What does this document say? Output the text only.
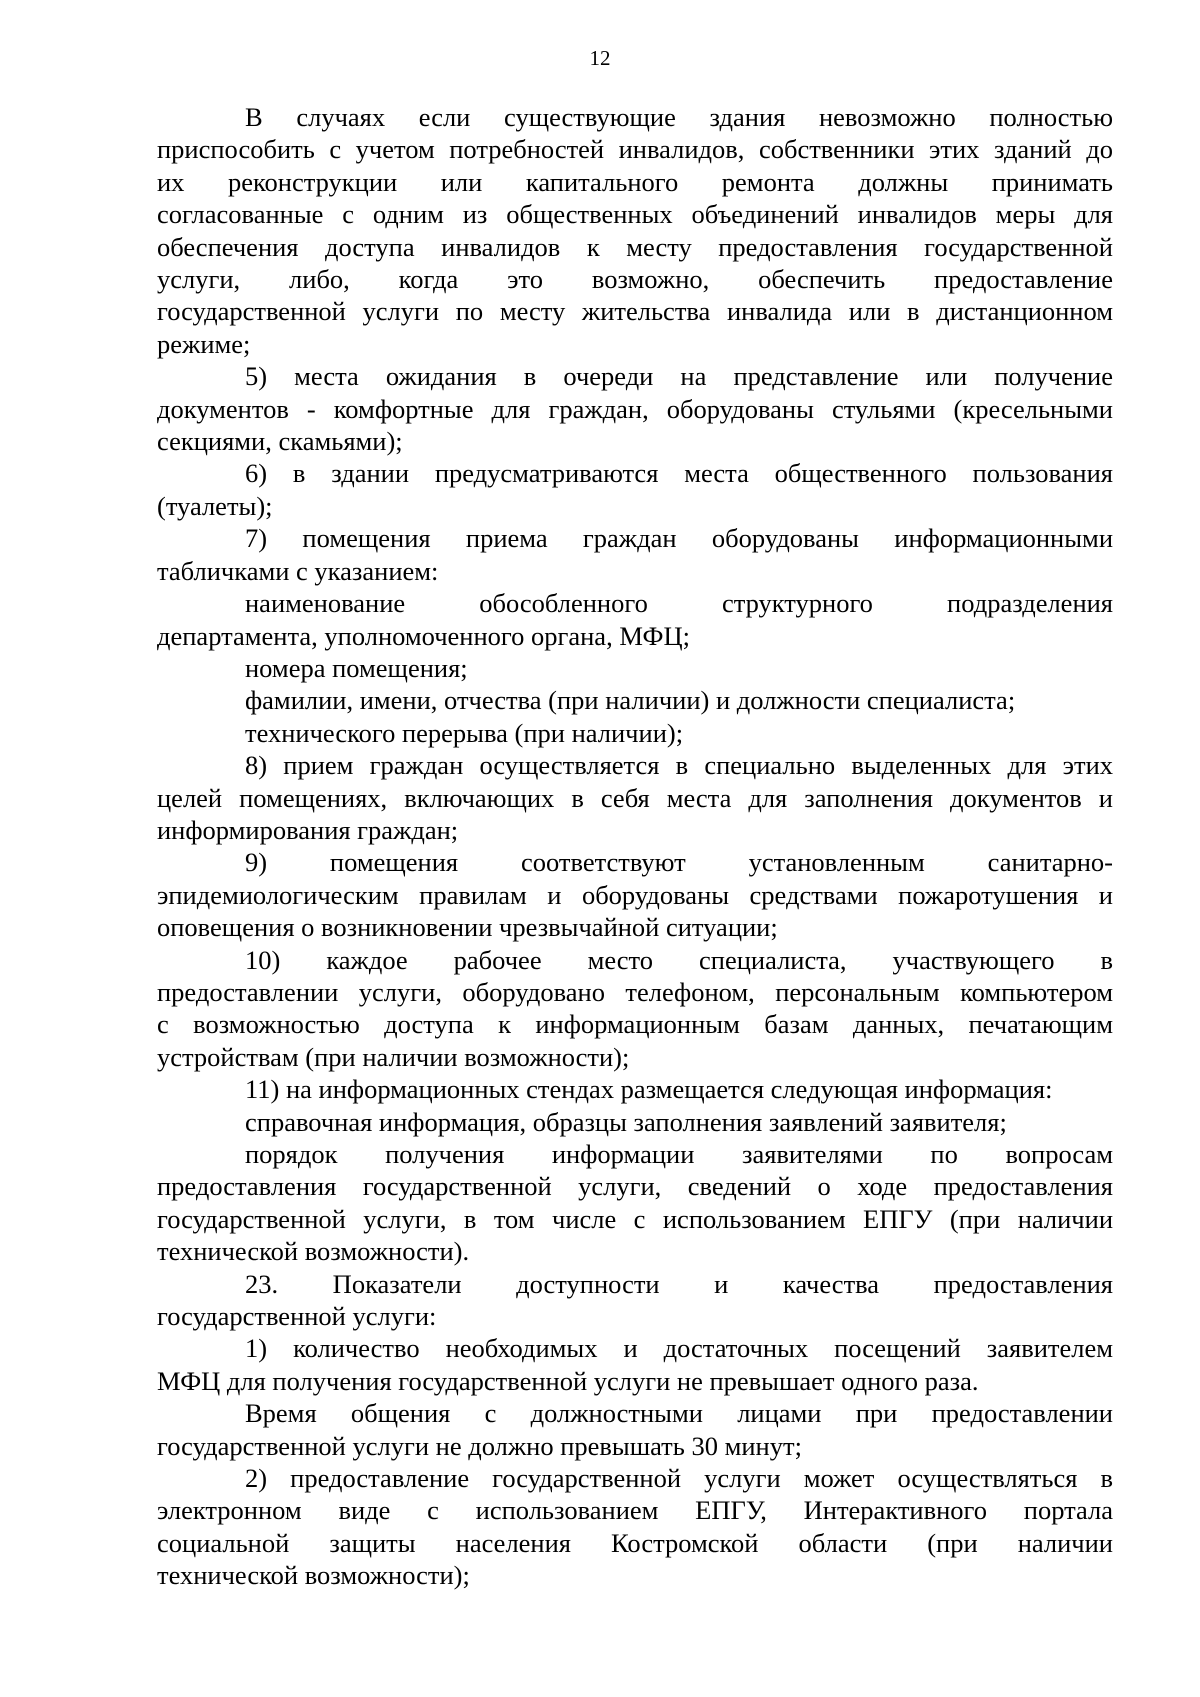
12
В случаях если существующие здания невозможно полностью
приспособить с учетом потребностей инвалидов, собственники этих зданий до
их реконструкции или капитального ремонта должны принимать
согласованные с одним из общественных объединений инвалидов меры для
обеспечения доступа инвалидов к месту предоставления государственной
услуги, либо, когда это возможно, обеспечить предоставление
государственной услуги по месту жительства инвалида или в дистанционном
режиме;
5) места ожидания в очереди на представление или получение
документов - комфортные для граждан, оборудованы стульями (кресельными
секциями, скамьями);
6) в здании предусматриваются места общественного пользования
(туалеты);
7) помещения приема граждан оборудованы информационными
табличками с указанием:
наименование обособленного структурного подразделения
департамента, уполномоченного органа, МФЦ;
номера помещения;
фамилии, имени, отчества (при наличии) и должности специалиста;
технического перерыва (при наличии);
8) прием граждан осуществляется в специально выделенных для этих
целей помещениях, включающих в себя места для заполнения документов и
информирования граждан;
9) помещения соответствуют установленным санитарно-
эпидемиологическим правилам и оборудованы средствами пожаротушения и
оповещения о возникновении чрезвычайной ситуации;
10) каждое рабочее место специалиста, участвующего в
предоставлении услуги, оборудовано телефоном, персональным компьютером
с возможностью доступа к информационным базам данных, печатающим
устройствам (при наличии возможности);
11) на информационных стендах размещается следующая информация:
справочная информация, образцы заполнения заявлений заявителя;
порядок получения информации заявителями по вопросам
предоставления государственной услуги, сведений о ходе предоставления
государственной услуги, в том числе с использованием ЕПГУ (при наличии
технической возможности).
23. Показатели доступности и качества предоставления
государственной услуги:
1) количество необходимых и достаточных посещений заявителем
МФЦ для получения государственной услуги не превышает одного раза.
Время общения с должностными лицами при предоставлении
государственной услуги не должно превышать 30 минут;
2) предоставление государственной услуги может осуществляться в
электронном виде с использованием ЕПГУ, Интерактивного портала
социальной защиты населения Костромской области (при наличии
технической возможности);
